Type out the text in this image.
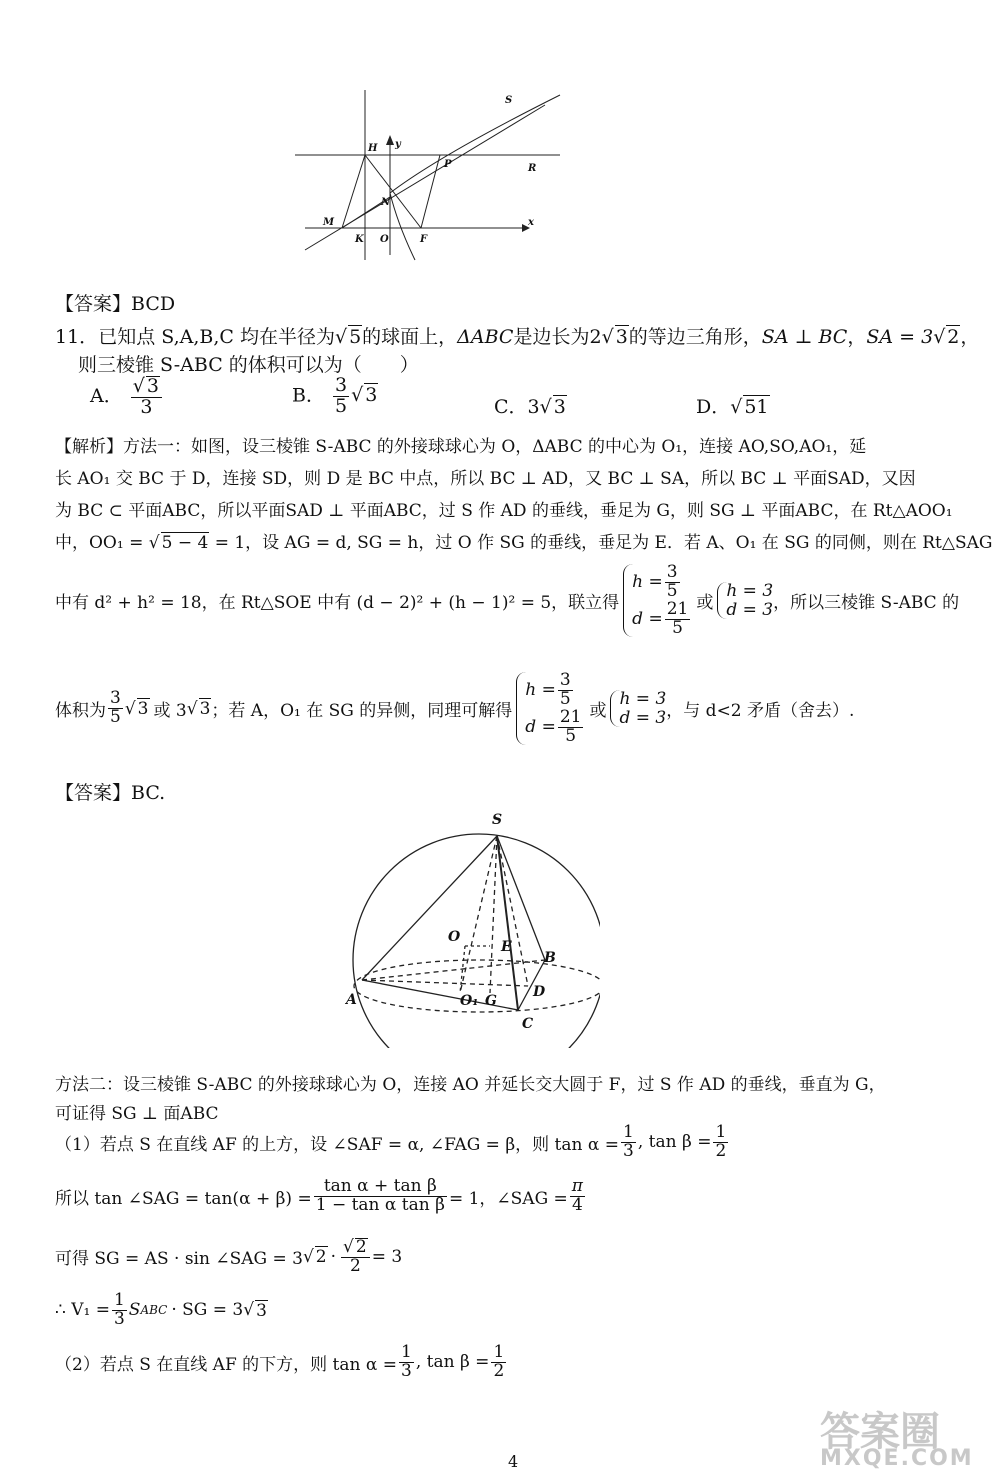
S
H y
P	R
N
M
K O
x
F
【答案】BCD
11．已知点 S,A,B,C 均在半径为 √ 5的球面上，ΔABC是边长为2 √ 3的等边三角形，SA ⊥ BC，SA = 3 √ 2，
则三棱锥 S-ABC 的体积可以为（　　）
A． √ $\frac{3}{3}$	B． $\frac{3}{5}$ √ 3
C．3 √ 3	D． √ 51
【解析】方法一：如图，设三棱锥 S-ABC 的外接球球心为 O，ΔABC 的中心为 O₁，连接 AO,SO,AO₁，延
长 AO₁ 交 BC 于 D，连接 SD，则 D 是 BC 中点，所以 BC ⊥ AD，又 BC ⊥ SA，所以 BC ⊥ 平面SAD，又因
为 BC ⊂ 平面ABC，所以平面SAD ⊥ 平面ABC，过 S 作 AD 的垂线，垂足为 G，则 SG ⊥ 平面ABC，在 Rt△AOO₁
中，OO₁ = √ 5 − 4 = 1，设 AG = d, SG = h，过 O 作 SG 的垂线，垂足为 E．若 A、O₁ 在 SG 的同侧，则在 Rt△SAG
中有 d² + h² = 18，在 Rt△SOE 中有 (d − 2)² + (h − 1)² = 5，联立得
$h = \frac{3}{5}$
$d = \frac{21}{5}$ 或
h = 3
d = 3 ，所以三棱锥 S-ABC 的
体积为 $\frac{3}{5}$ √ 3 或 3 √ 3 ；若 A，O₁ 在 SG 的异侧，同理可解得
$h = \frac{3}{5}$
$d = \frac{21}{5}$ 或
h = 3
d = 3 ，与 d<2 矛盾（舍去）.
【答案】BC.
S
O
E
B
A	O₁ G
D
C
方法二：设三棱锥 S-ABC 的外接球球心为 O，连接 AO 并延长交大圆于 F，过 S 作 AD 的垂线，垂直为 G，
可证得 SG ⊥ 面ABC
（1）若点 S 在直线 AF 的上方，设 ∠SAF = α, ∠FAG = β，则 $\tan \alpha = \frac{1}{3}$ , $\tan \beta = \frac{1}{2}$
所以 tan ∠SAG = $\tan(\alpha + \beta) = \frac{\text{tan α + tan β}}{\text{1 − tan α tan β}} = 1$，∠SAG = $\frac{\pi}{4}$
可得 SG = AS · sin ∠SAG = 3 √ 2 · √ $\frac{2}{2} = 3$
∴ $V_1 = \frac{1}{3}$ S ABC · SG = 3 √ 3
（2）若点 S 在直线 AF 的下方，则 $\tan \alpha = \frac{1}{3}$ , $\tan \beta = \frac{1}{2}$
答案圈
MXQE.COM
4
